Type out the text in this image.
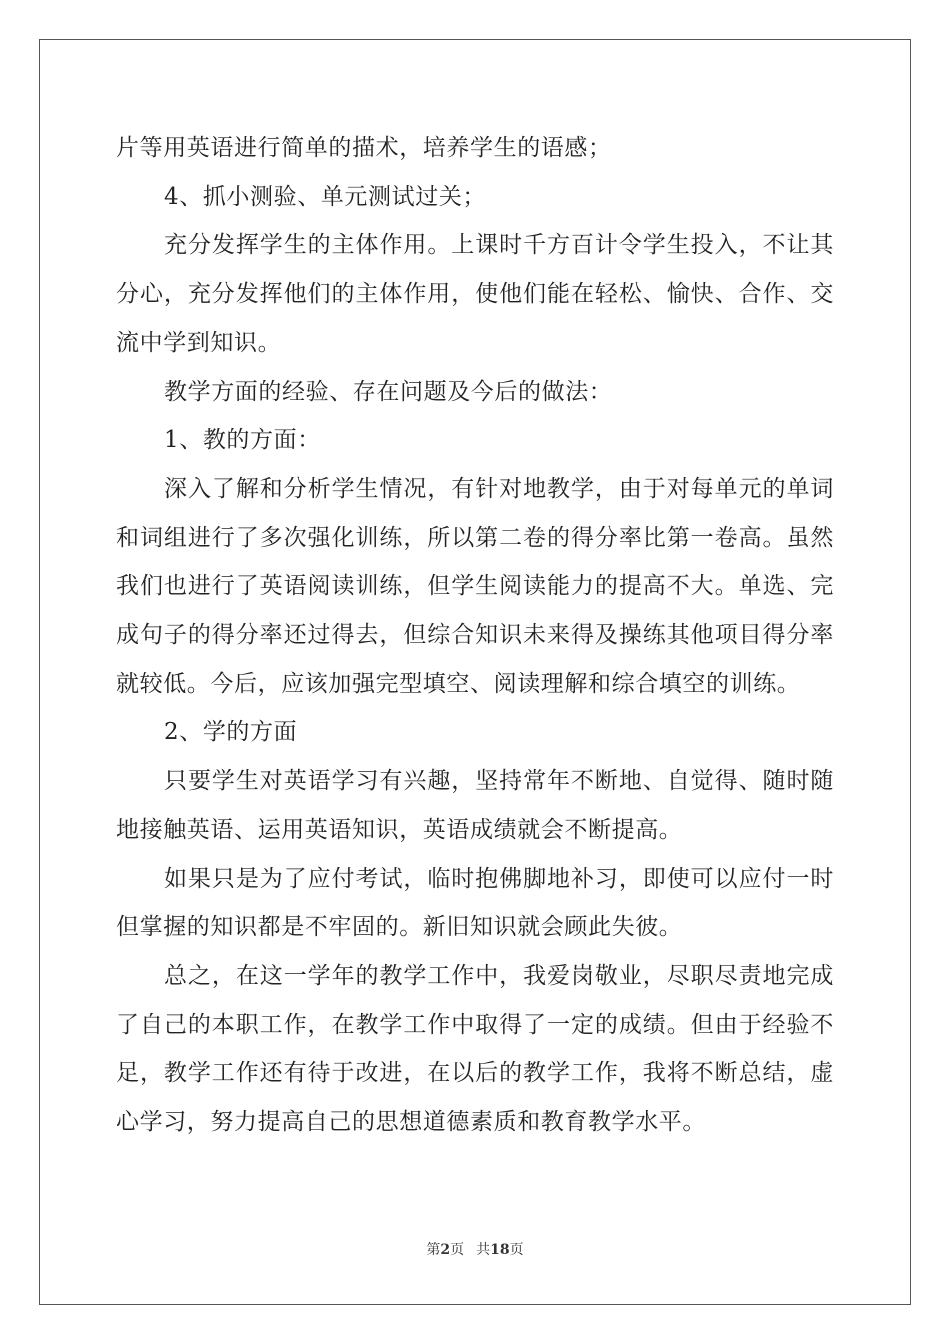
片等用英语进行简单的描术，培养学生的语感；

4、抓小测验、单元测试过关；

充分发挥学生的主体作用。上课时千方百计令学生投入，不让其分心，充分发挥他们的主体作用，使他们能在轻松、愉快、合作、交流中学到知识。

教学方面的经验、存在问题及今后的做法：

1、教的方面：

深入了解和分析学生情况，有针对地教学，由于对每单元的单词和词组进行了多次强化训练，所以第二卷的得分率比第一卷高。虽然我们也进行了英语阅读训练，但学生阅读能力的提高不大。单选、完成句子的得分率还过得去，但综合知识未来得及操练其他项目得分率就较低。今后，应该加强完型填空、阅读理解和综合填空的训练。

2、学的方面

只要学生对英语学习有兴趣，坚持常年不断地、自觉得、随时随地接触英语、运用英语知识，英语成绩就会不断提高。

如果只是为了应付考试，临时抱佛脚地补习，即使可以应付一时但掌握的知识都是不牢固的。新旧知识就会顾此失彼。

总之，在这一学年的教学工作中，我爱岗敬业，尽职尽责地完成了自己的本职工作，在教学工作中取得了一定的成绩。但由于经验不足，教学工作还有待于改进，在以后的教学工作，我将不断总结，虚心学习，努力提高自己的思想道德素质和教育教学水平。

第2页 共18页
